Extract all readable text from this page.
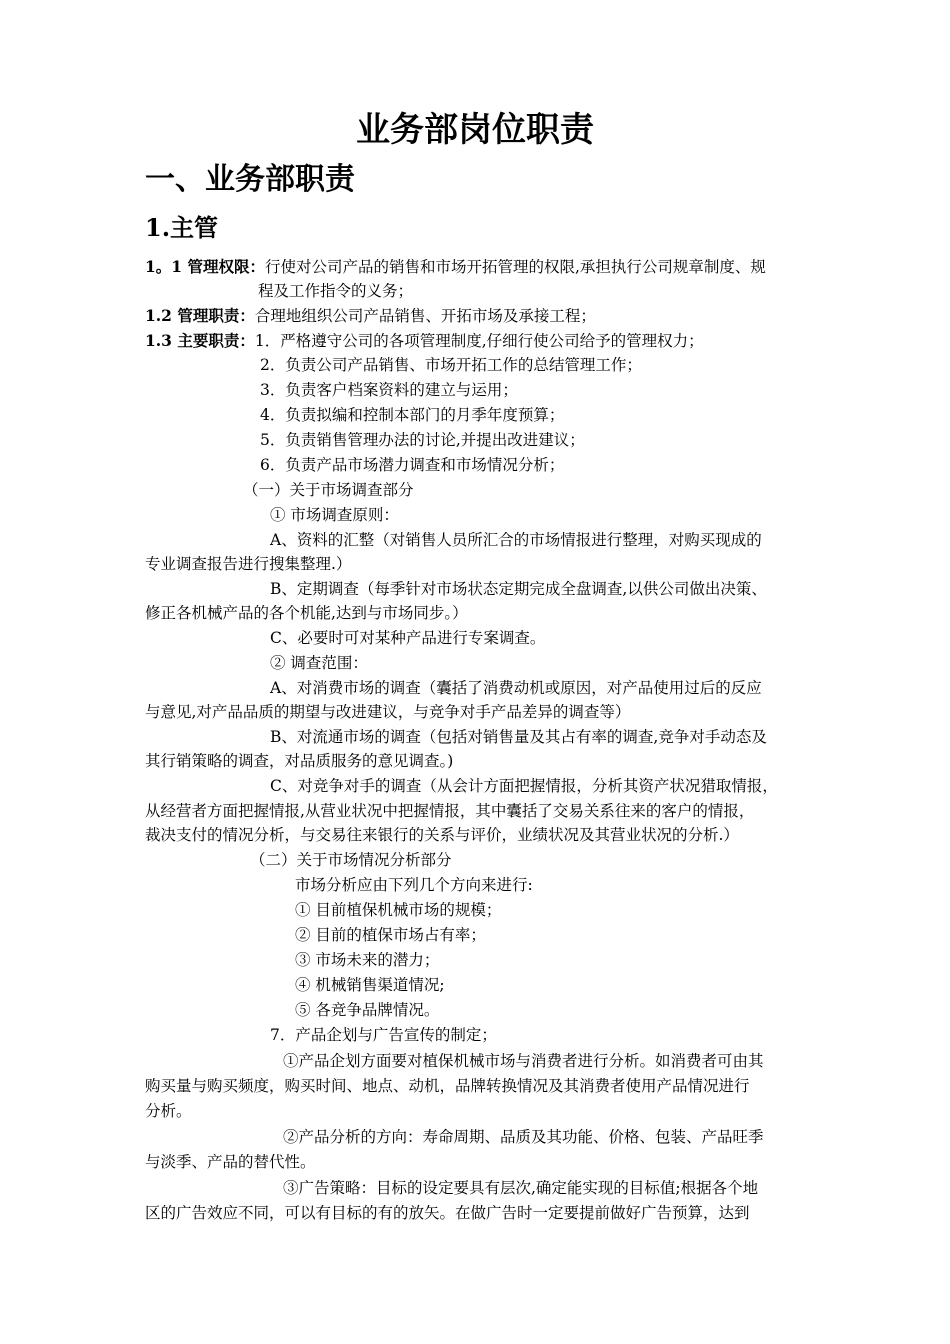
业务部岗位职责
一、业务部职责
1.主管
1。1 管理权限：行使对公司产品的销售和市场开拓管理的权限,承担执行公司规章制度、规
程及工作指令的义务；
1.2 管理职责：合理地组织公司产品销售、开拓市场及承接工程；
1.3 主要职责：1．严格遵守公司的各项管理制度,仔细行使公司给予的管理权力；
2．负责公司产品销售、市场开拓工作的总结管理工作；
3．负责客户档案资料的建立与运用；
4．负责拟编和控制本部门的月季年度预算；
5．负责销售管理办法的讨论,并提出改进建议；
6．负责产品市场潜力调查和市场情况分析；
（一）关于市场调查部分
① 市场调查原则：
A、资料的汇整（对销售人员所汇合的市场情报进行整理，对购买现成的
专业调查报告进行搜集整理.）
B、定期调查（每季针对市场状态定期完成全盘调查,以供公司做出决策、
修正各机械产品的各个机能,达到与市场同步。）
C、必要时可对某种产品进行专案调查。
② 调查范围：
A、对消费市场的调查（囊括了消费动机或原因，对产品使用过后的反应
与意见,对产品品质的期望与改进建议，与竞争对手产品差异的调查等）
B、对流通市场的调查（包括对销售量及其占有率的调查,竞争对手动态及
其行销策略的调查，对品质服务的意见调查。)
C、对竞争对手的调查（从会计方面把握情报，分析其资产状况猎取情报，
从经营者方面把握情报,从营业状况中把握情报，其中囊括了交易关系往来的客户的情报，
裁决支付的情况分析，与交易往来银行的关系与评价，业绩状况及其营业状况的分析.）
（二）关于市场情况分析部分
市场分析应由下列几个方向来进行:
① 目前植保机械市场的规模；
② 目前的植保市场占有率；
③ 市场未来的潜力；
④ 机械销售渠道情况;
⑤ 各竞争品牌情况。
7．产品企划与广告宣传的制定；
①产品企划方面要对植保机械市场与消费者进行分析。如消费者可由其
购买量与购买频度，购买时间、地点、动机，品牌转换情况及其消费者使用产品情况进行
分析。
②产品分析的方向：寿命周期、品质及其功能、价格、包装、产品旺季
与淡季、产品的替代性。
③广告策略：目标的设定要具有层次,确定能实现的目标值;根据各个地
区的广告效应不同，可以有目标的有的放矢。在做广告时一定要提前做好广告预算，达到
